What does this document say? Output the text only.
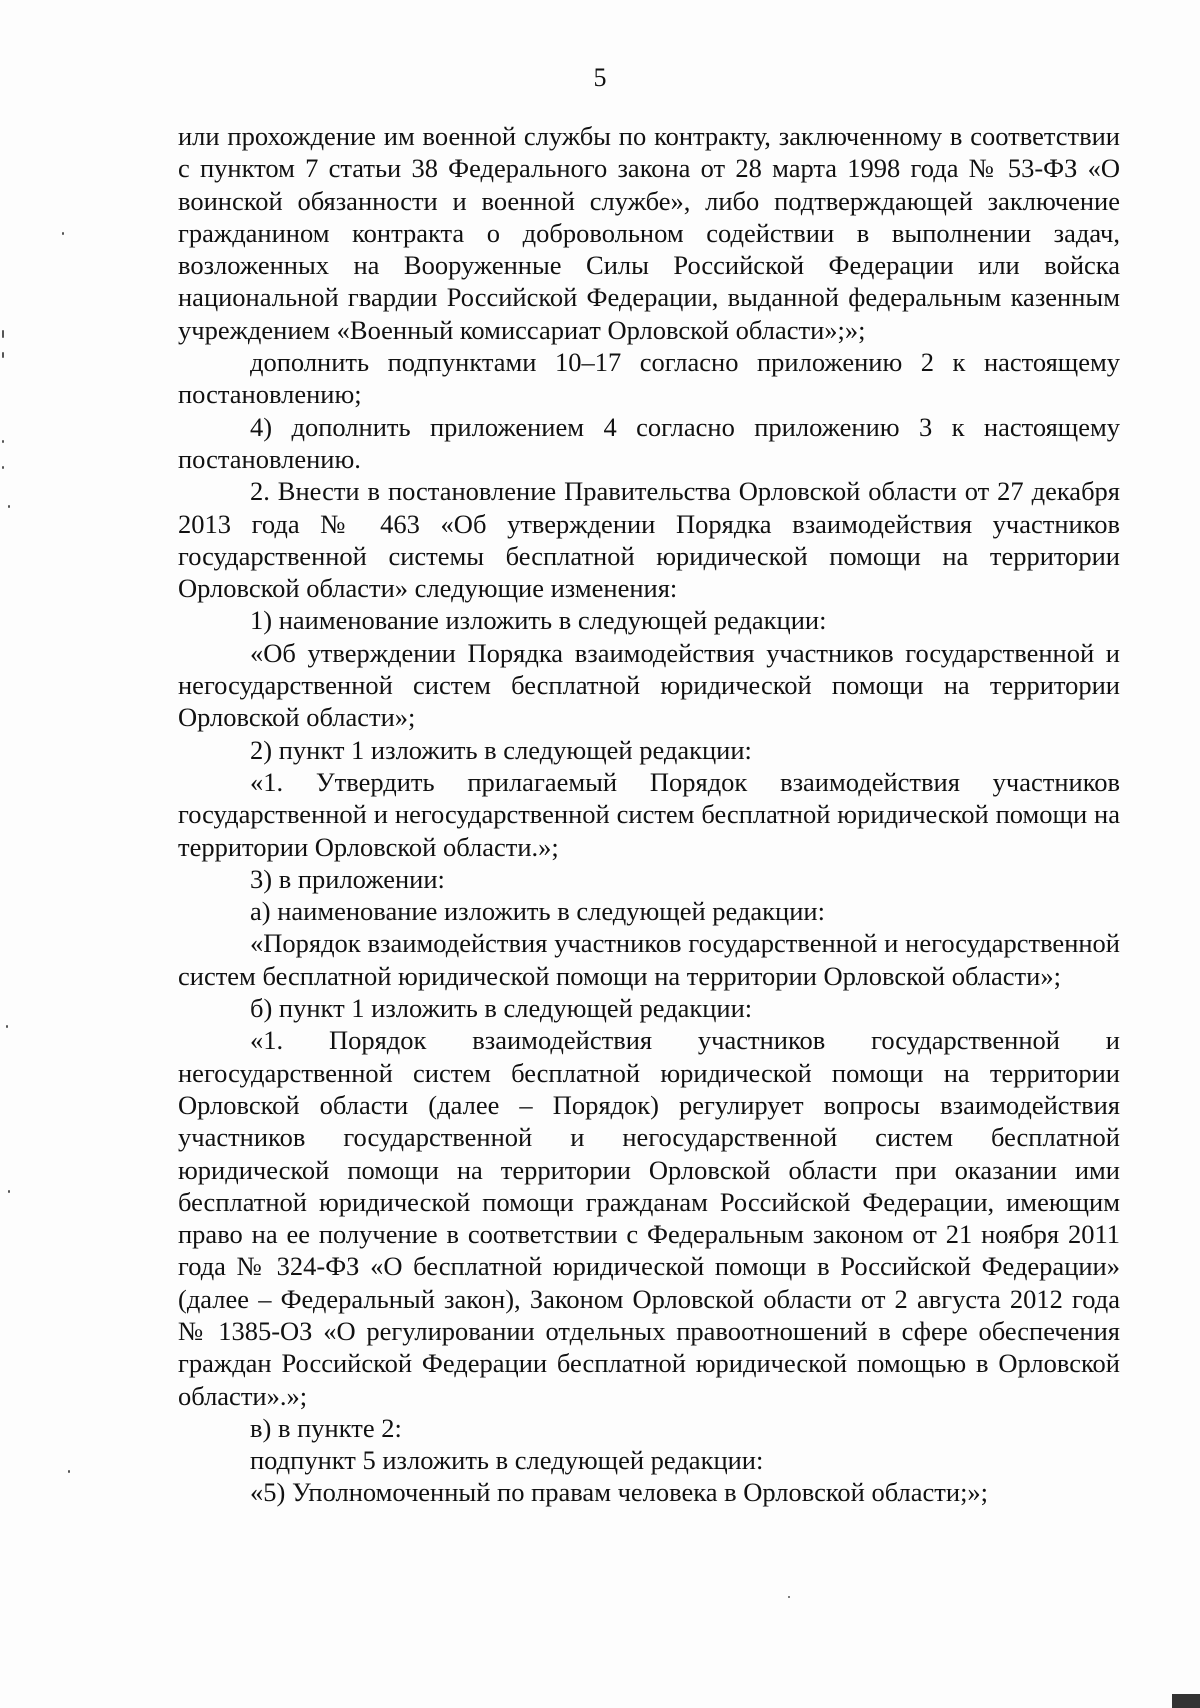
5

или прохождение им военной службы по контракту, заключенному в соответствии с пунктом 7 статьи 38 Федерального закона от 28 марта 1998 года № 53-ФЗ «О воинской обязанности и военной службе», либо подтверждающей заключение гражданином контракта о добровольном содействии в выполнении задач, возложенных на Вооруженные Силы Российской Федерации или войска национальной гвардии Российской Федерации, выданной федеральным казенным учреждением «Военный комиссариат Орловской области»;»;

дополнить подпунктами 10–17 согласно приложению 2 к настоящему постановлению;

4) дополнить приложением 4 согласно приложению 3 к настоящему постановлению.

2. Внести в постановление Правительства Орловской области от 27 декабря 2013 года № 463 «Об утверждении Порядка взаимодействия участников государственной системы бесплатной юридической помощи на территории Орловской области» следующие изменения:

1) наименование изложить в следующей редакции:

«Об утверждении Порядка взаимодействия участников государственной и негосударственной систем бесплатной юридической помощи на территории Орловской области»;

2) пункт 1 изложить в следующей редакции:

«1. Утвердить прилагаемый Порядок взаимодействия участников государственной и негосударственной систем бесплатной юридической помощи на территории Орловской области.»;

3) в приложении:

а) наименование изложить в следующей редакции:

«Порядок взаимодействия участников государственной и негосударственной систем бесплатной юридической помощи на территории Орловской области»;

б) пункт 1 изложить в следующей редакции:

«1. Порядок взаимодействия участников государственной и негосударственной систем бесплатной юридической помощи на территории Орловской области (далее – Порядок) регулирует вопросы взаимодействия участников государственной и негосударственной систем бесплатной юридической помощи на территории Орловской области при оказании ими бесплатной юридической помощи гражданам Российской Федерации, имеющим право на ее получение в соответствии с Федеральным законом от 21 ноября 2011 года № 324-ФЗ «О бесплатной юридической помощи в Российской Федерации» (далее – Федеральный закон), Законом Орловской области от 2 августа 2012 года № 1385-ОЗ «О регулировании отдельных правоотношений в сфере обеспечения граждан Российской Федерации бесплатной юридической помощью в Орловской области».»;

в) в пункте 2:

подпункт 5 изложить в следующей редакции:

«5) Уполномоченный по правам человека в Орловской области;»;
